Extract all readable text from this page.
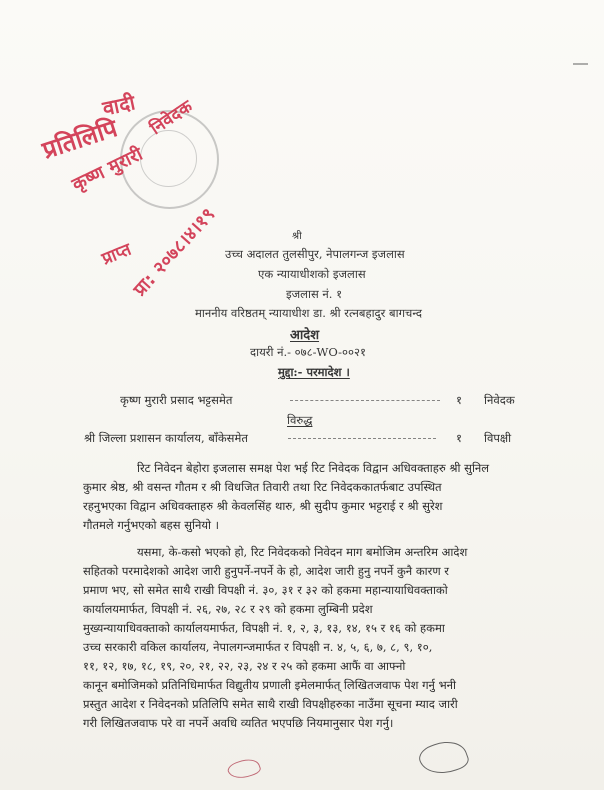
प्रतिलिपि
वादी
कृष्ण मुरारी
निवेदक
प्राप्त
प्रा: २०७८।४।१९	श्री
उच्च अदालत तुलसीपुर, नेपालगन्ज इजलास
एक न्यायाधीशको इजलास
इजलास नं. १
माननीय वरिष्ठतम् न्यायाधीश डा. श्री रत्नबहादुर बागचन्द
आदेश
दायरी नं.- ०७८-WO-००२१
मुद्दा:- परमादेश ।
कृष्ण मुरारी प्रसाद भट्टसमेत	१ निवेदक
विरुद्ध
श्री जिल्ला प्रशासन कार्यालय, बाँकेसमेत	१ विपक्षी
रिट निवेदन बेहोरा इजलास समक्ष पेश भई रिट निवेदक विद्वान अधिवक्ताहरु श्री सुनिल
कुमार श्रेष्ठ, श्री वसन्त गौतम र श्री विधजित तिवारी तथा रिट निवेदककातर्फबाट उपस्थित
रहनुभएका विद्वान अधिवक्ताहरु श्री केवलसिंह थारु, श्री सुदीप कुमार भट्टराई र श्री सुरेश
गौतमले गर्नुभएको बहस सुनियो ।
यसमा, के-कसो भएको हो, रिट निवेदकको निवेदन माग बमोजिम अन्तरिम आदेश
सहितको परमादेशको आदेश जारी हुनुपर्ने-नपर्ने के हो, आदेश जारी हुनु नपर्ने कुनै कारण र
प्रमाण भए, सो समेत साथै राखी विपक्षी नं. ३०, ३१ र ३२ को हकमा महान्यायाधिवक्ताको
कार्यालयमार्फत, विपक्षी नं. २६, २७, २८ र २९ को हकमा लुम्बिनी प्रदेश
मुख्यन्यायाधिवक्ताको कार्यालयमार्फत, विपक्षी नं. १, २, ३, १३, १४, १५ र १६ को हकमा
उच्च सरकारी वकिल कार्यालय, नेपालगन्जमार्फत र विपक्षी न. ४, ५, ६, ७, ८, ९, १०,
११, १२, १७, १८, १९, २०, २१, २२, २३, २४ र २५ को हकमा आफैं वा आफ्नो
कानून बमोजिमको प्रतिनिधिमार्फत विद्युतीय प्रणाली इमेलमार्फत् लिखितजवाफ पेश गर्नु भनी
प्रस्तुत आदेश र निवेदनको प्रतिलिपि समेत साथै राखी विपक्षीहरुका नाउँमा सूचना म्याद जारी
गरी लिखितजवाफ परे वा नपर्ने अवधि व्यतित भएपछि नियमानुसार पेश गर्नु।
